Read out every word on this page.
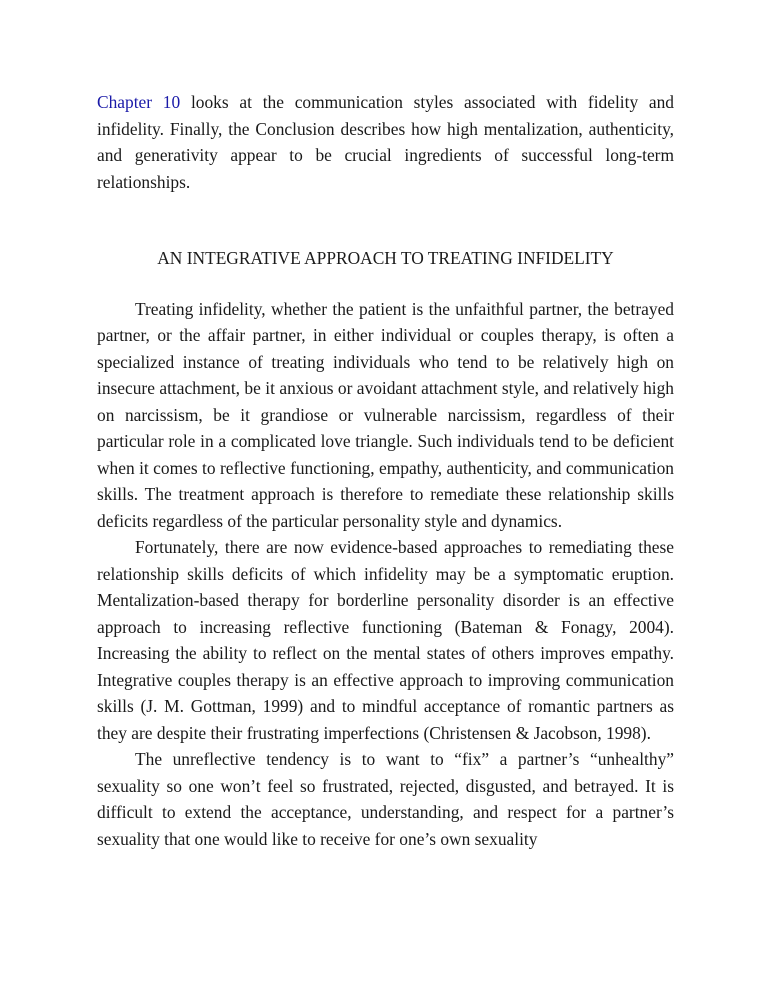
Chapter 10 looks at the communication styles associated with fidelity and infidelity. Finally, the Conclusion describes how high mentalization, authenticity, and generativity appear to be crucial ingredients of successful long-term relationships.

AN INTEGRATIVE APPROACH TO TREATING INFIDELITY

Treating infidelity, whether the patient is the unfaithful partner, the betrayed partner, or the affair partner, in either individual or couples therapy, is often a specialized instance of treating individuals who tend to be relatively high on insecure attachment, be it anxious or avoidant attachment style, and relatively high on narcissism, be it grandiose or vulnerable narcissism, regardless of their particular role in a complicated love triangle. Such individuals tend to be deficient when it comes to reflective functioning, empathy, authenticity, and communication skills. The treatment approach is therefore to remediate these relationship skills deficits regardless of the particular personality style and dynamics.

Fortunately, there are now evidence-based approaches to remediating these relationship skills deficits of which infidelity may be a symptomatic eruption. Mentalization-based therapy for borderline personality disorder is an effective approach to increasing reflective functioning (Bateman & Fonagy, 2004). Increasing the ability to reflect on the mental states of others improves empathy. Integrative couples therapy is an effective approach to improving communication skills (J. M. Gottman, 1999) and to mindful acceptance of romantic partners as they are despite their frustrating imperfections (Christensen & Jacobson, 1998).

The unreflective tendency is to want to “fix” a partner’s “unhealthy” sexuality so one won’t feel so frustrated, rejected, disgusted, and betrayed. It is difficult to extend the acceptance, understanding, and respect for a partner’s sexuality that one would like to receive for one’s own sexuality
